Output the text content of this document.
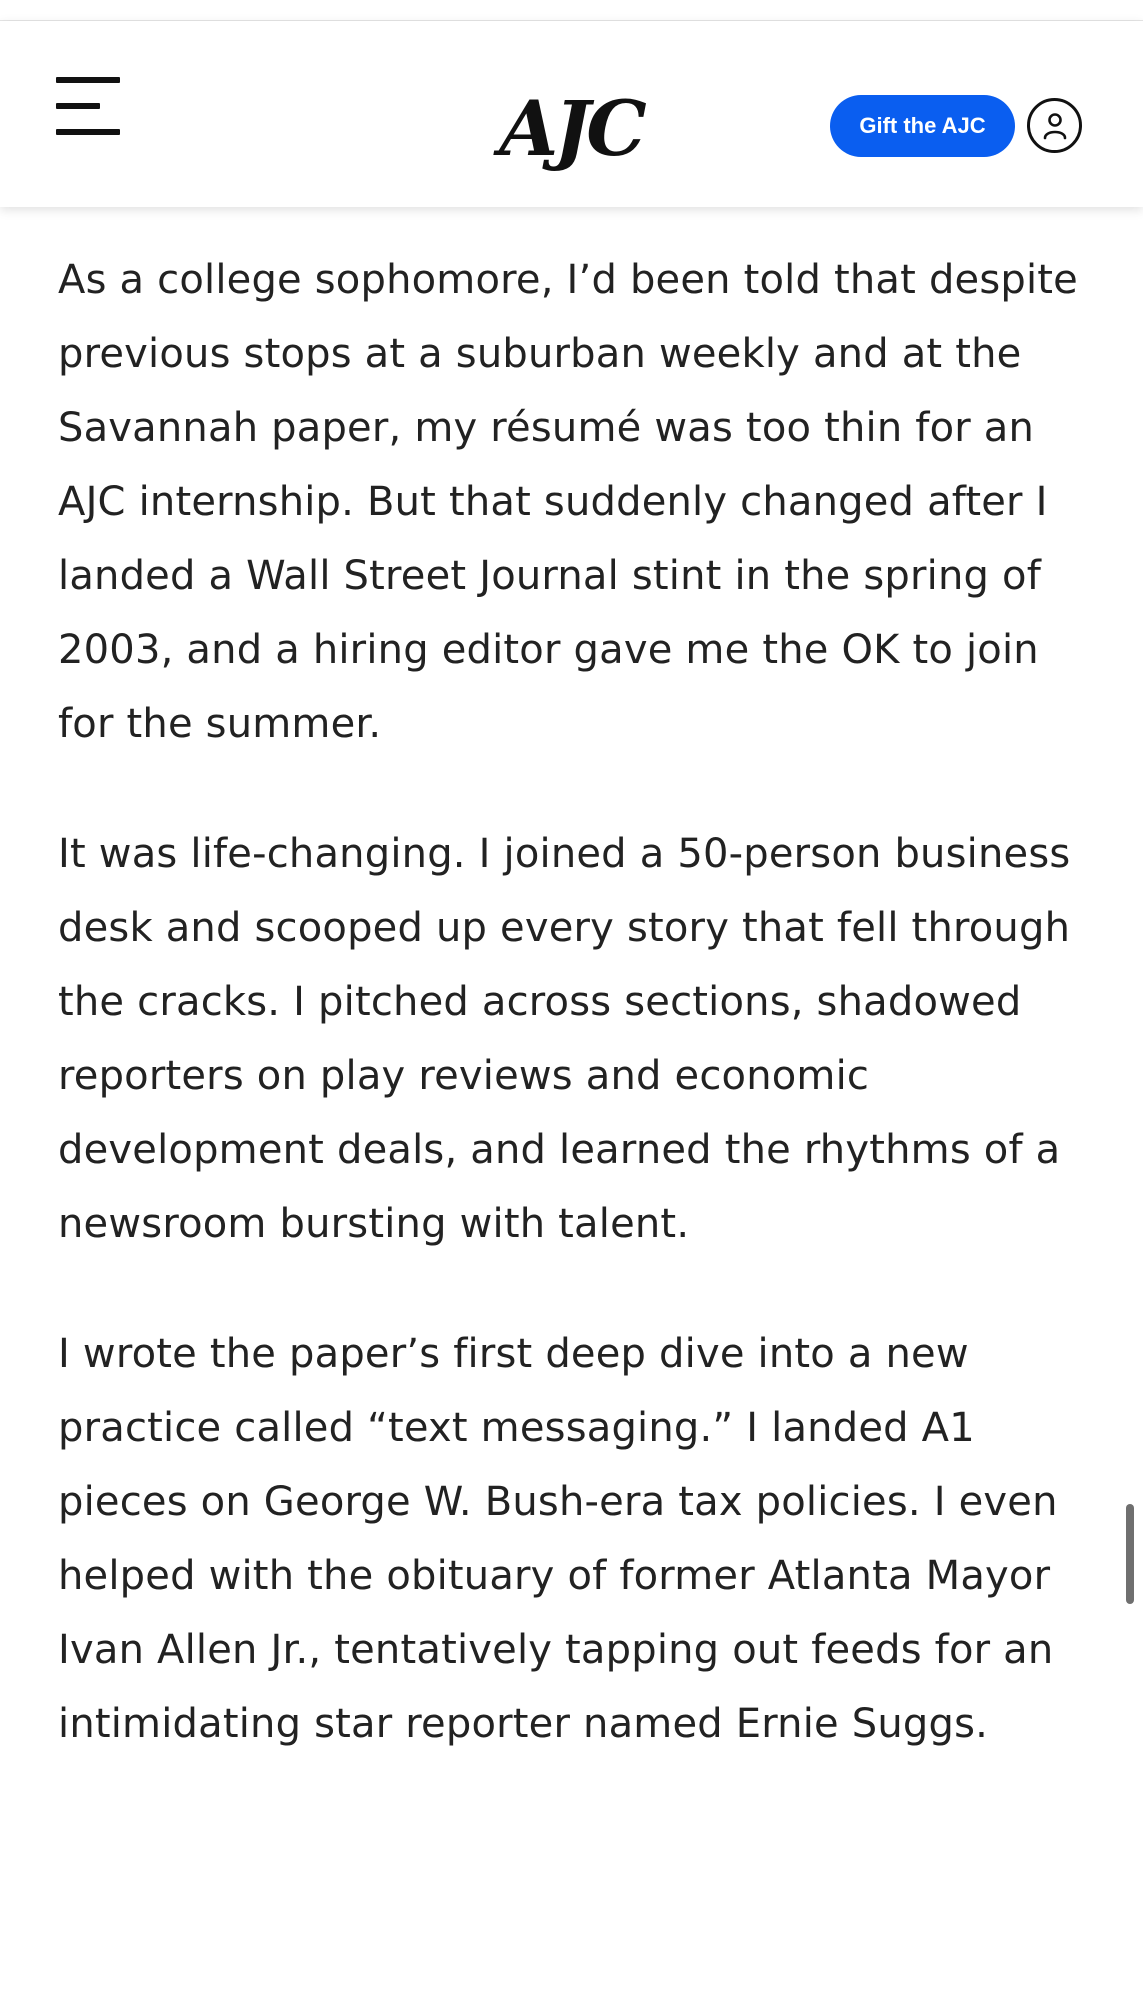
AJC	Gift the AJC

As a college sophomore, I’d been told that despite previous stops at a suburban weekly and at the Savannah paper, my résumé was too thin for an AJC internship. But that suddenly changed after I landed a Wall Street Journal stint in the spring of 2003, and a hiring editor gave me the OK to join for the summer.

It was life-changing. I joined a 50-person business desk and scooped up every story that fell through the cracks. I pitched across sections, shadowed reporters on play reviews and economic development deals, and learned the rhythms of a newsroom bursting with talent.

I wrote the paper’s first deep dive into a new practice called “text messaging.” I landed A1 pieces on George W. Bush-era tax policies. I even helped with the obituary of former Atlanta Mayor Ivan Allen Jr., tentatively tapping out feeds for an intimidating star reporter named Ernie Suggs.
